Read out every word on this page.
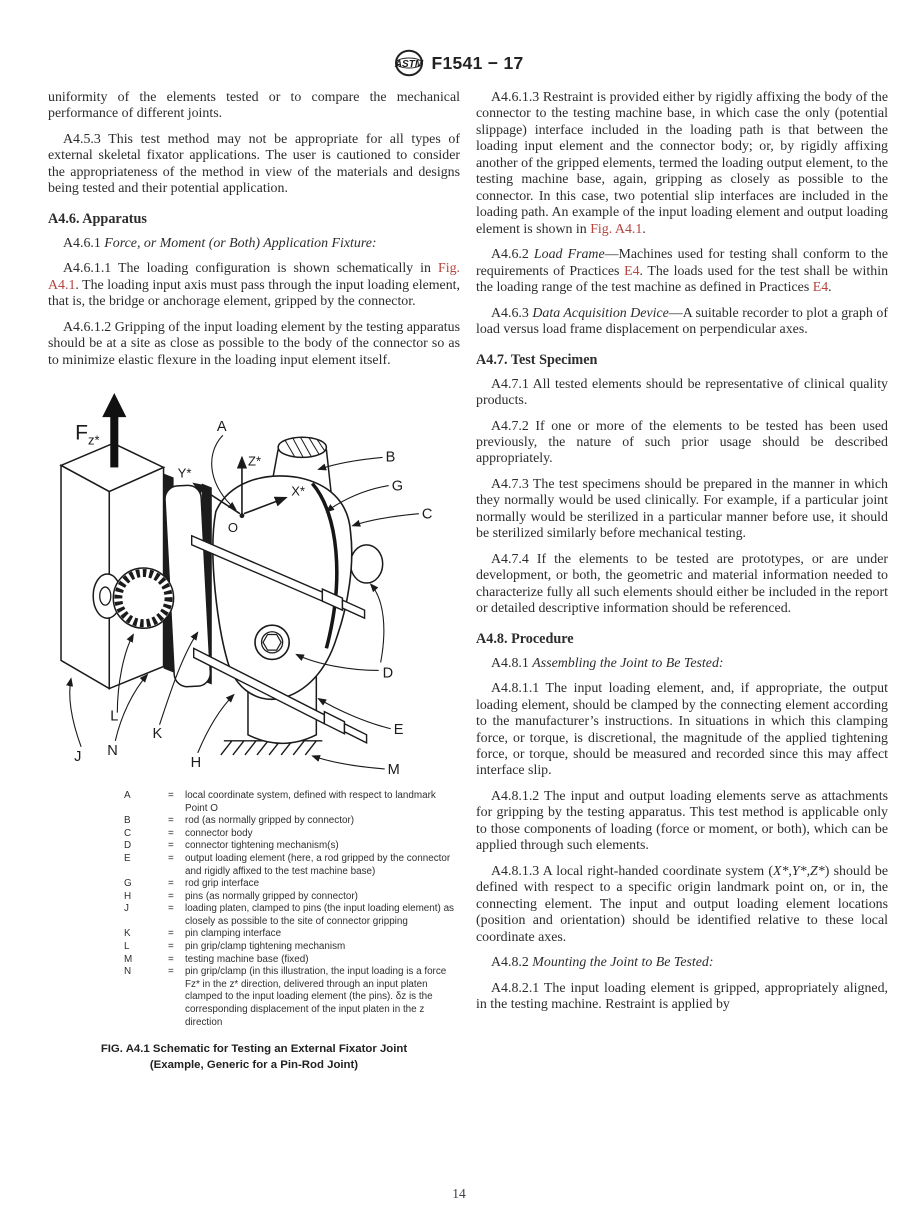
ASTM F1541 − 17

uniformity of the elements tested or to compare the mechanical performance of different joints.

A4.5.3 This test method may not be appropriate for all types of external skeletal fixator applications. The user is cautioned to consider the appropriateness of the method in view of the materials and designs being tested and their potential application.

A4.6. Apparatus

A4.6.1 Force, or Moment (or Both) Application Fixture:

A4.6.1.1 The loading configuration is shown schematically in Fig. A4.1. The loading input axis must pass through the input loading element, that is, the bridge or anchorage element, gripped by the connector.

A4.6.1.2 Gripping of the input loading element by the testing apparatus should be at a site as close as possible to the body of the connector so as to minimize elastic flexure in the loading input element itself.

Z*
X*
Y*
O
$F_{z*}$
A
B
G
C
D
E
M
H
N
K
L
J
A	=	local coordinate system, defined with respect to landmark Point O
B	=	rod (as normally gripped by connector)
C	=	connector body
D	=	connector tightening mechanism(s)
E	=	output loading element (here, a rod gripped by the connector and rigidly affixed to the test machine base)
G	=	rod grip interface
H	=	pins (as normally gripped by connector)
J	=	loading platen, clamped to pins (the input loading element) as closely as possible to the site of connector gripping
K	=	pin clamping interface
L	=	pin grip/clamp tightening mechanism
M	=	testing machine base (fixed)
N	=	pin grip/clamp (in this illustration, the input loading is a force Fz* in the z* direction, delivered through an input platen clamped to the input loading element (the pins). δz is the corresponding displacement of the input platen in the z direction
FIG. A4.1 Schematic for Testing an External Fixator Joint
(Example, Generic for a Pin-Rod Joint)

A4.6.1.3 Restraint is provided either by rigidly affixing the body of the connector to the testing machine base, in which case the only (potential slippage) interface included in the loading path is that between the loading input element and the connector body; or, by rigidly affixing another of the gripped elements, termed the loading output element, to the testing machine base, again, gripping as closely as possible to the connector. In this case, two potential slip interfaces are included in the loading path. An example of the input loading element and output loading element is shown in Fig. A4.1.

A4.6.2 Load Frame—Machines used for testing shall conform to the requirements of Practices E4. The loads used for the test shall be within the loading range of the test machine as defined in Practices E4.

A4.6.3 Data Acquisition Device—A suitable recorder to plot a graph of load versus load frame displacement on perpendicular axes.

A4.7. Test Specimen

A4.7.1 All tested elements should be representative of clinical quality products.

A4.7.2 If one or more of the elements to be tested has been used previously, the nature of such prior usage should be described appropriately.

A4.7.3 The test specimens should be prepared in the manner in which they normally would be used clinically. For example, if a particular joint normally would be sterilized in a particular manner before use, it should be sterilized similarly before mechanical testing.

A4.7.4 If the elements to be tested are prototypes, or are under development, or both, the geometric and material information needed to characterize fully all such elements should either be included in the report or detailed descriptive information should be referenced.

A4.8. Procedure

A4.8.1 Assembling the Joint to Be Tested:

A4.8.1.1 The input loading element, and, if appropriate, the output loading element, should be clamped by the connecting element according to the manufacturer’s instructions. In situations in which this clamping force, or torque, is discretional, the magnitude of the applied tightening force, or torque, should be measured and recorded since this may affect interface slip.

A4.8.1.2 The input and output loading elements serve as attachments for gripping by the testing apparatus. This test method is applicable only to those components of loading (force or moment, or both), which can be applied through such elements.

A4.8.1.3 A local right-handed coordinate system (X*,Y*,Z*) should be defined with respect to a specific origin landmark point on, or in, the connecting element. The input and output loading element locations (position and orientation) should be identified relative to these local coordinate axes.

A4.8.2 Mounting the Joint to Be Tested:

A4.8.2.1 The input loading element is gripped, appropriately aligned, in the testing machine. Restraint is applied by

14
